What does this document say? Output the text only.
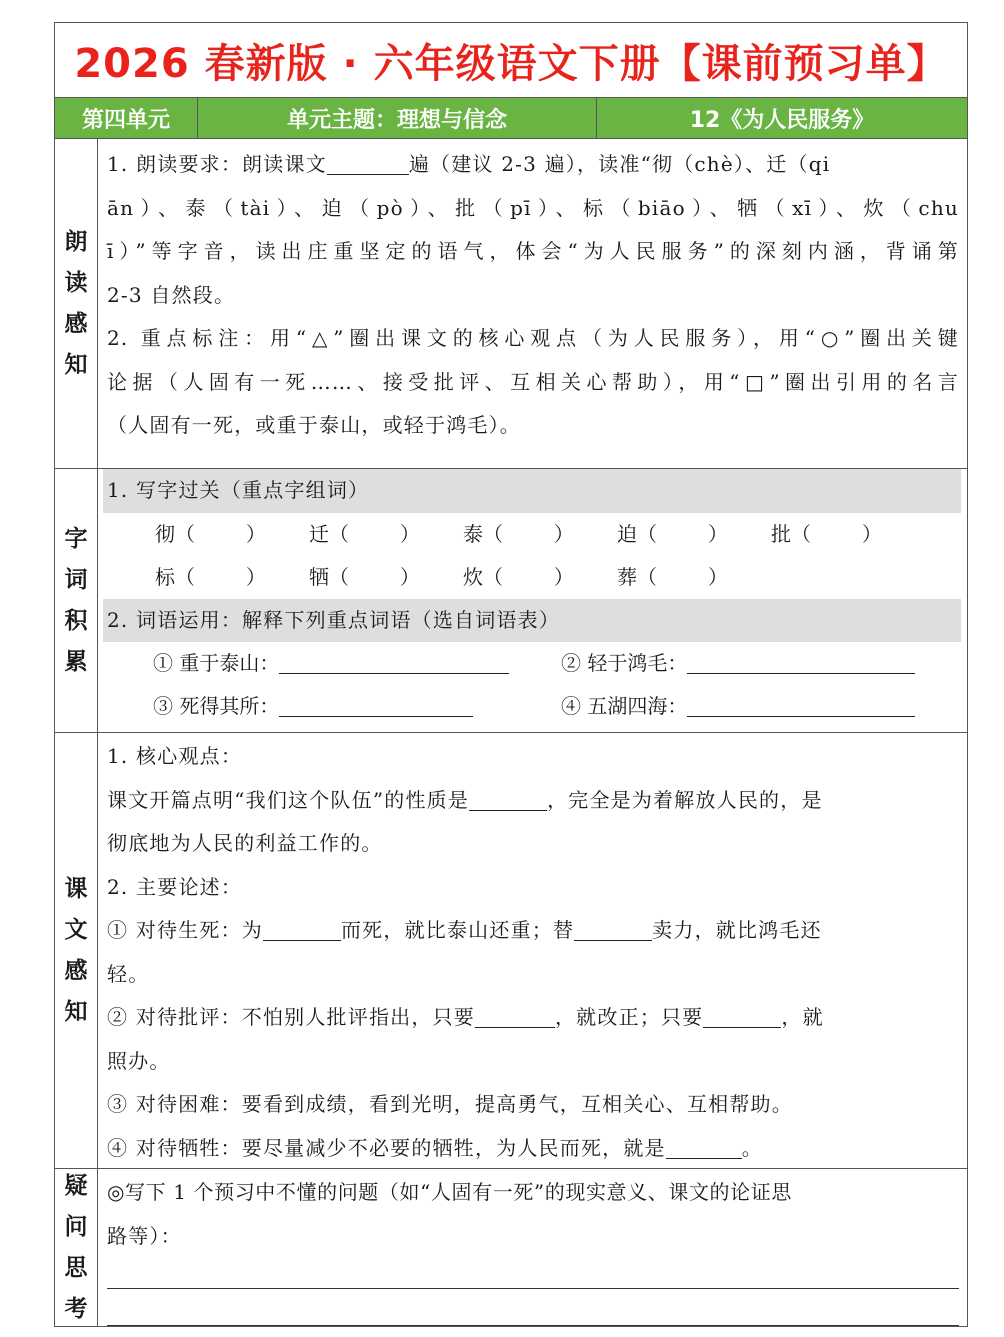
2026 春新版 · 六年级语文下册【课前预习单】
第四单元	单元主题：理想与信念	12《为人民服务》
朗
读
感
知
1. 朗读要求：朗读课文	遍（建议 2-3 遍），读准“彻（chè）、迁（qi
ān）、泰（tài）、迫（pò）、批（pī）、标（biāo）、牺（xī）、炊（chu
ī）”等字音，读出庄重坚定的语气，体会“为人民服务”的深刻内涵，背诵第
2-3 自然段。
2. 重点标注：用“△”圈出课文的核心观点（为人民服务），用“○”圈出关键
论据（人固有一死……、接受批评、互相关心帮助），用“□”圈出引用的名言
（人固有一死，或重于泰山，或轻于鸿毛）。
字
词
积
累
1. 写字过关（重点字组词）
彻（        ）	迁（        ）	泰（        ）	迫（        ）	批（        ）
标（        ）	牺（        ）	炊（        ）	葬（        ）
2. 词语运用：解释下列重点词语（选自词语表）
① 重于泰山：	② 轻于鸿毛：
③ 死得其所：	④ 五湖四海：
课
文
感
知
1. 核心观点：
课文开篇点明“我们这个队伍”的性质是	，完全是为着解放人民的，是
彻底地为人民的利益工作的。
2. 主要论述：
① 对待生死：为	而死，就比泰山还重；替	卖力，就比鸿毛还
轻。
② 对待批评：不怕别人批评指出，只要	，就改正；只要	，就
照办。
③ 对待困难：要看到成绩，看到光明，提高勇气，互相关心、互相帮助。
④ 对待牺牲：要尽量减少不必要的牺牲，为人民而死，就是	。
疑
问
思
考
◎写下 1 个预习中不懂的问题（如“人固有一死”的现实意义、课文的论证思
路等）：
